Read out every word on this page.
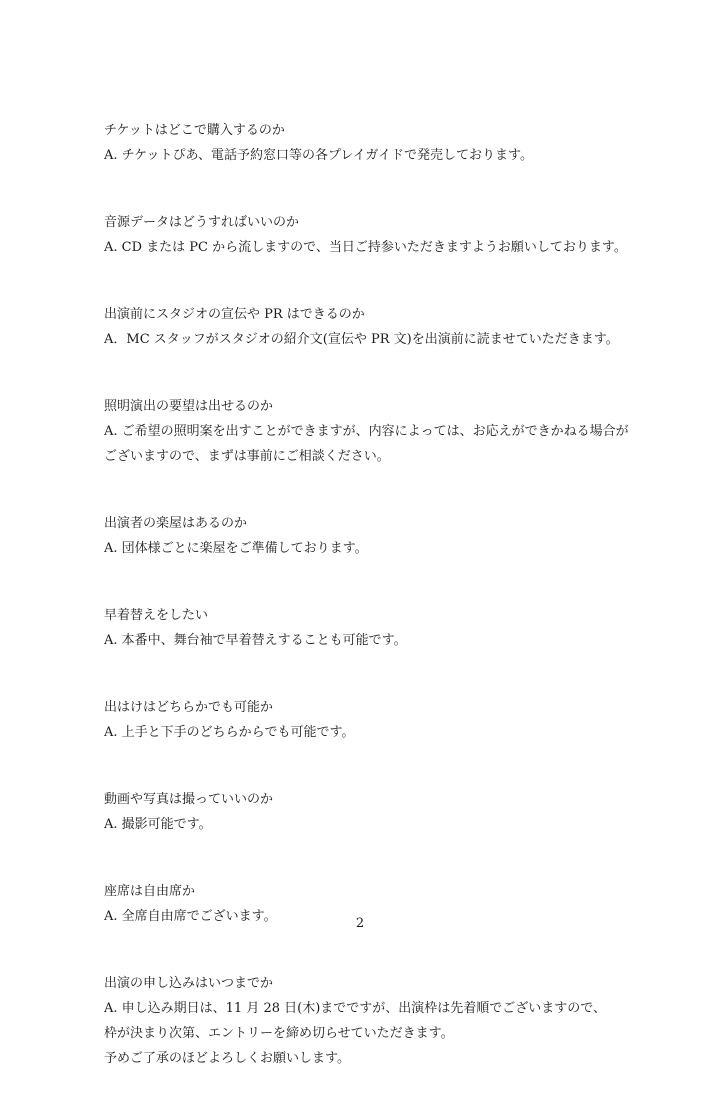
チケットはどこで購入するのか
A. チケットぴあ、電話予約窓口等の各プレイガイドで発売しております。
音源データはどうすればいいのか
A. CD または PC から流しますので、当日ご持参いただきますようお願いしております。
出演前にスタジオの宣伝や PR はできるのか
A．MC スタッフがスタジオの紹介文(宣伝や PR 文)を出演前に読ませていただきます。
照明演出の要望は出せるのか
A. ご希望の照明案を出すことができますが、内容によっては、お応えができかねる場合が
ございますので、まずは事前にご相談ください。
出演者の楽屋はあるのか
A. 団体様ごとに楽屋をご準備しております。
早着替えをしたい
A. 本番中、舞台袖で早着替えすることも可能です。
出はけはどちらかでも可能か
A. 上手と下手のどちらからでも可能です。
動画や写真は撮っていいのか
A. 撮影可能です。
座席は自由席か
A. 全席自由席でございます。
出演の申し込みはいつまでか
A. 申し込み期日は、11 月 28 日(木)までですが、出演枠は先着順でございますので、
枠が決まり次第、エントリーを締め切らせていただきます。
予めご了承のほどよろしくお願いします。
2
